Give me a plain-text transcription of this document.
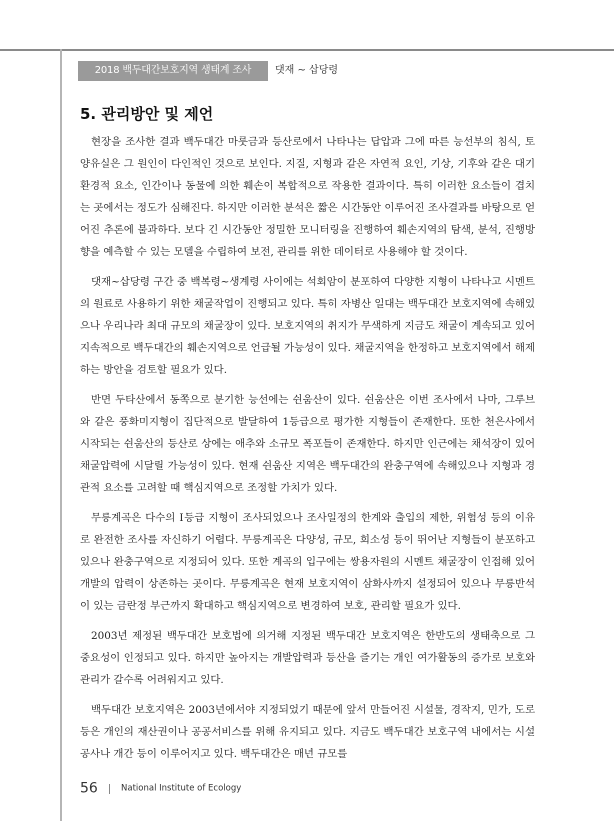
2018 백두대간보호지역 생태계 조사	댓재 ~ 삽당령
5. 관리방안 및 제언

현장을 조사한 결과 백두대간 마룻금과 등산로에서 나타나는 답압과 그에 따른 능선부의 침식, 토양유실은 그 원인이 다인적인 것으로 보인다. 지질, 지형과 같은 자연적 요인, 기상, 기후와 같은 대기환경적 요소, 인간이나 동물에 의한 훼손이 복합적으로 작용한 결과이다. 특히 이러한 요소들이 겹치는 곳에서는 정도가 심해진다. 하지만 이러한 분석은 짧은 시간동안 이루어진 조사결과를 바탕으로 얻어진 추론에 불과하다. 보다 긴 시간동안 정밀한 모니터링을 진행하여 훼손지역의 탐색, 분석, 진행방향을 예측할 수 있는 모델을 수립하여 보전, 관리를 위한 데이터로 사용해야 할 것이다.

댓재~삽당령 구간 중 백복령~생계령 사이에는 석회암이 분포하여 다양한 지형이 나타나고 시멘트의 원료로 사용하기 위한 채굴작업이 진행되고 있다. 특히 자병산 일대는 백두대간 보호지역에 속해있으나 우리나라 최대 규모의 채굴장이 있다. 보호지역의 취지가 무색하게 지금도 채굴이 계속되고 있어 지속적으로 백두대간의 훼손지역으로 언급될 가능성이 있다. 채굴지역을 한정하고 보호지역에서 해제하는 방안을 검토할 필요가 있다.

반면 두타산에서 동쪽으로 분기한 능선에는 쉰움산이 있다. 쉰움산은 이번 조사에서 나마, 그루브와 같은 풍화미지형이 집단적으로 발달하여 1등급으로 평가한 지형들이 존재한다. 또한 천은사에서 시작되는 쉰움산의 등산로 상에는 애추와 소규모 폭포들이 존재한다. 하지만 인근에는 채석장이 있어 채굴압력에 시달릴 가능성이 있다. 현재 쉰움산 지역은 백두대간의 완충구역에 속해있으나 지형과 경관적 요소를 고려할 때 핵심지역으로 조정할 가치가 있다.

무릉계곡은 다수의 Ⅰ등급 지형이 조사되었으나 조사일정의 한계와 출입의 제한, 위험성 등의 이유로 완전한 조사를 자신하기 어렵다. 무릉계곡은 다양성, 규모, 희소성 등이 뛰어난 지형들이 분포하고 있으나 완충구역으로 지정되어 있다. 또한 계곡의 입구에는 쌍용자원의 시멘트 채굴장이 인접해 있어 개발의 압력이 상존하는 곳이다. 무릉계곡은 현재 보호지역이 삼화사까지 설정되어 있으나 무릉반석이 있는 금란정 부근까지 확대하고 핵심지역으로 변경하여 보호, 관리할 필요가 있다.

2003년 제정된 백두대간 보호법에 의거해 지정된 백두대간 보호지역은 한반도의 생태축으로 그 중요성이 인정되고 있다. 하지만 높아지는 개발압력과 등산을 즐기는 개인 여가활동의 증가로 보호와 관리가 갈수록 어려워지고 있다.

백두대간 보호지역은 2003년에서야 지정되었기 때문에 앞서 만들어진 시설물, 경작지, 민가, 도로 등은 개인의 재산권이나 공공서비스를 위해 유지되고 있다. 지금도 백두대간 보호구역 내에서는 시설공사나 개간 등이 이루어지고 있다. 백두대간은 매년 규모를

56	National Institute of Ecology
